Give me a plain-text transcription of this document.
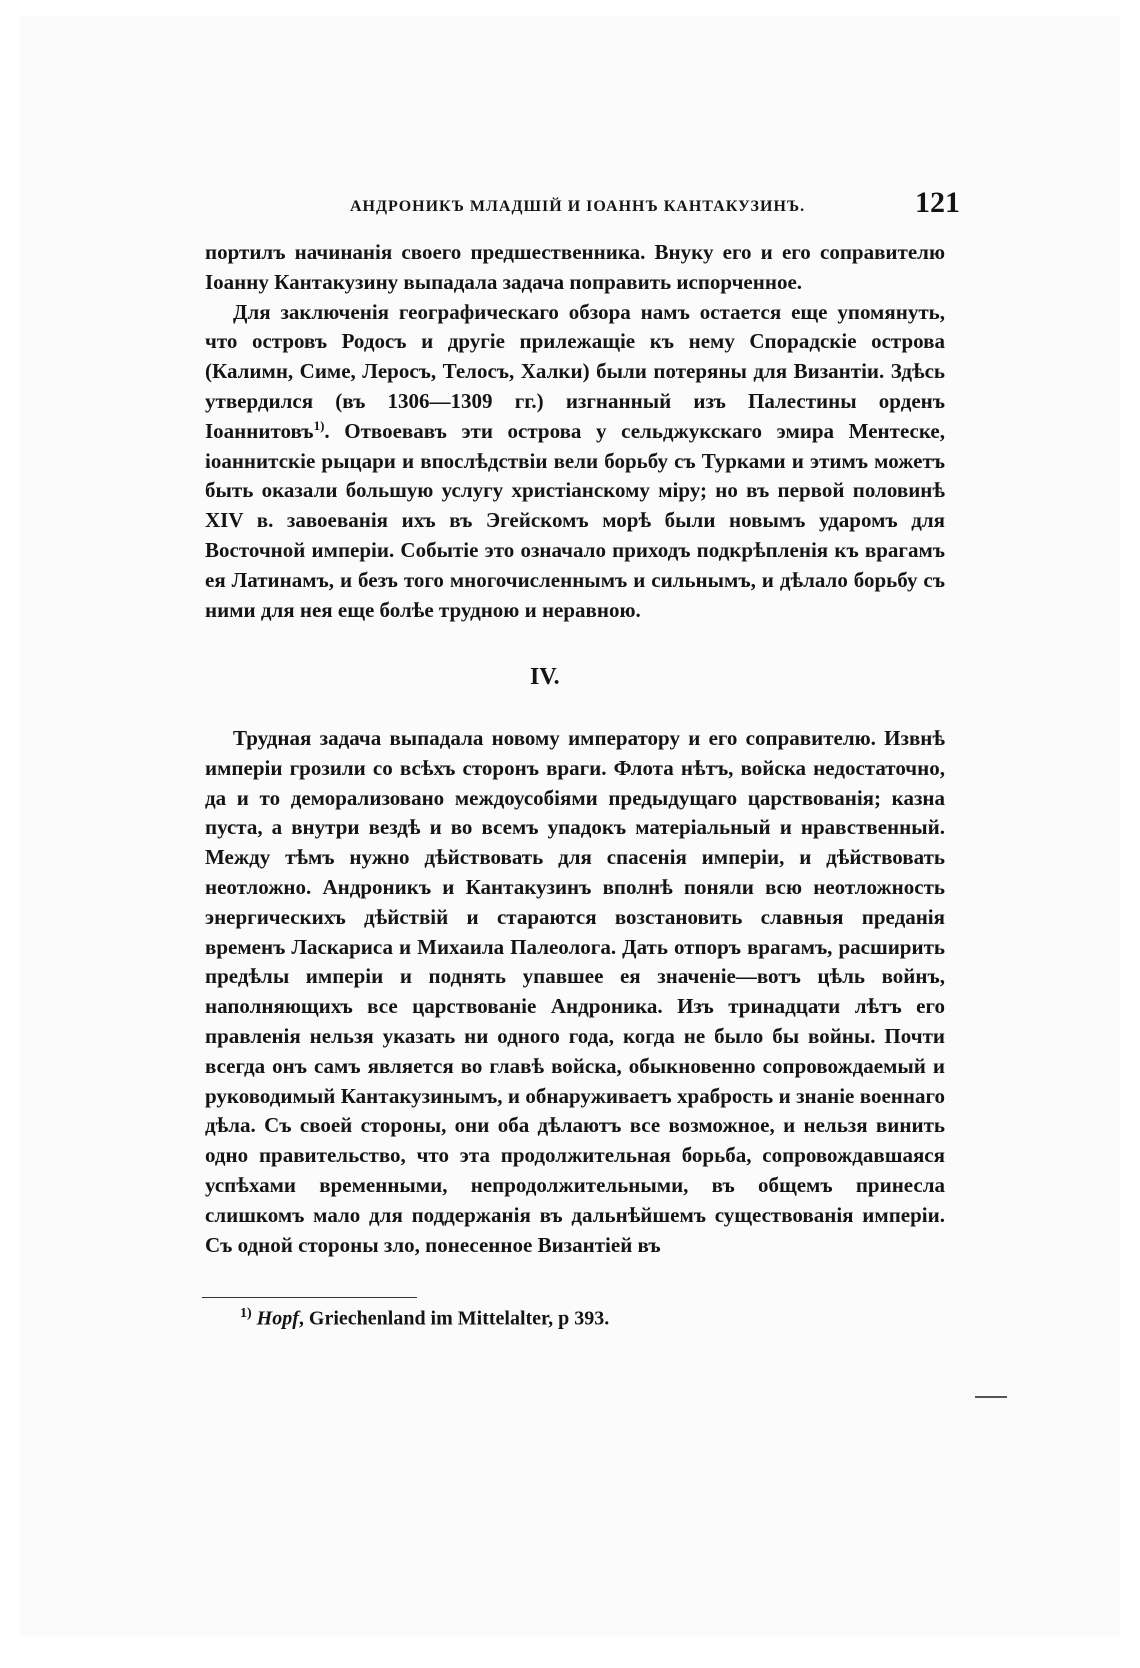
АНДРОНИКЪ МЛАДШІЙ И ІОАННЪ КАНТАКУЗИНЪ.	121

портилъ начинанія своего предшественника. Внуку его и его соправителю Іоанну Кантакузину выпадала задача поправить испорченное.

Для заключенія географическаго обзора намъ остается еще упомянуть, что островъ Родосъ и другіе прилежащіе къ нему Спорадскіе острова (Калимн, Симе, Леросъ, Телосъ, Халки) были потеряны для Византіи. Здѣсь утвердился (въ 1306—1309 гг.) изгнанный изъ Палестины орденъ Іоаннитовъ$^{1)}$. Отвоевавъ эти острова у сельджукскаго эмира Ментеске, іоаннитскіе рыцари и впослѣдствіи вели борьбу съ Турками и этимъ можетъ быть оказали большую услугу христіанскому міру; но въ первой половинѣ XIV в. завоеванія ихъ въ Эгейскомъ морѣ были новымъ ударомъ для Восточной имперіи. Событіе это означало приходъ подкрѣпленія къ врагамъ ея Латинамъ, и безъ того многочисленнымъ и сильнымъ, и дѣлало борьбу съ ними для нея еще болѣе трудною и неравною.

IV.

Трудная задача выпадала новому императору и его соправителю. Извнѣ имперіи грозили со всѣхъ сторонъ враги. Флота нѣтъ, войска недостаточно, да и то деморализовано междоусобіями предыдущаго царствованія; казна пуста, а внутри вездѣ и во всемъ упадокъ матеріальный и нравственный. Между тѣмъ нужно дѣйствовать для спасенія имперіи, и дѣйствовать неотложно. Андроникъ и Кантакузинъ вполнѣ поняли всю неотложность энергическихъ дѣйствій и стараются возстановить славныя преданія временъ Ласкариса и Михаила Палеолога. Дать отпоръ врагамъ, расширить предѣлы имперіи и поднять упавшее ея значеніе—вотъ цѣль войнъ, наполняющихъ все царствованіе Андроника. Изъ тринадцати лѣтъ его правленія нельзя указать ни одного года, когда не было бы войны. Почти всегда онъ самъ является во главѣ войска, обыкновенно сопровождаемый и руководимый Кантакузинымъ, и обнаруживаетъ храбрость и знаніе военнаго дѣла. Съ своей стороны, они оба дѣлаютъ все возможное, и нельзя винить одно правительство, что эта продолжительная борьба, сопровождавшаяся успѣхами временными, непродолжительными, въ общемъ принесла слишкомъ мало для поддержанія въ дальнѣйшемъ существованія имперіи. Съ одной стороны зло, понесенное Византіей въ

$^{1)}$ Hopf, Griechenland im Mittelalter, p 393.
